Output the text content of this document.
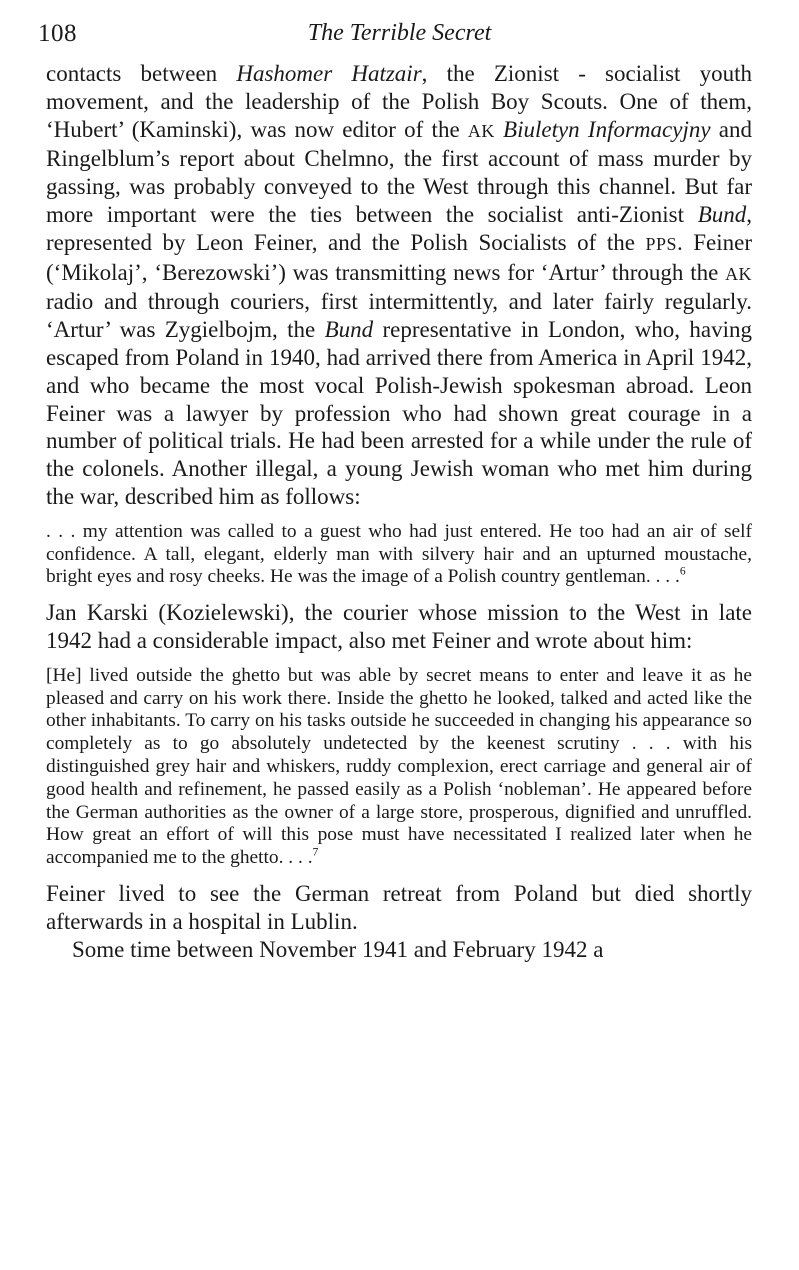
108	The Terrible Secret

contacts between Hashomer Hatzair, the Zionist - socialist youth movement, and the leadership of the Polish Boy Scouts. One of them, ‘Hubert’ (Kaminski), was now editor of the AK Biuletyn Informacyjny and Ringelblum’s report about Chelmno, the first account of mass murder by gassing, was probably conveyed to the West through this channel. But far more important were the ties between the socialist anti-Zionist Bund, represented by Leon Feiner, and the Polish Socialists of the PPS. Feiner (‘Mikolaj’, ‘Berezowski’) was transmitting news for ‘Artur’ through the AK radio and through couriers, first intermittently, and later fairly regularly. ‘Artur’ was Zygielbojm, the Bund representative in London, who, having escaped from Poland in 1940, had arrived there from America in April 1942, and who became the most vocal Polish-Jewish spokesman abroad. Leon Feiner was a lawyer by profession who had shown great courage in a number of political trials. He had been arrested for a while under the rule of the colonels. Another illegal, a young Jewish woman who met him during the war, described him as follows:

. . . my attention was called to a guest who had just entered. He too had an air of self confidence. A tall, elegant, elderly man with silvery hair and an upturned moustache, bright eyes and rosy cheeks. He was the image of a Polish country gentleman. . . .$^6$

Jan Karski (Kozielewski), the courier whose mission to the West in late 1942 had a considerable impact, also met Feiner and wrote about him:

[He] lived outside the ghetto but was able by secret means to enter and leave it as he pleased and carry on his work there. Inside the ghetto he looked, talked and acted like the other inhabitants. To carry on his tasks outside he succeeded in changing his appearance so completely as to go absolutely undetected by the keenest scrutiny . . . with his distinguished grey hair and whiskers, ruddy complexion, erect carriage and general air of good health and refinement, he passed easily as a Polish ‘nobleman’. He appeared before the German authorities as the owner of a large store, prosperous, dignified and unruffled. How great an effort of will this pose must have necessitated I realized later when he accompanied me to the ghetto. . . .$^7$

Feiner lived to see the German retreat from Poland but died shortly afterwards in a hospital in Lublin.

Some time between November 1941 and February 1942 a
